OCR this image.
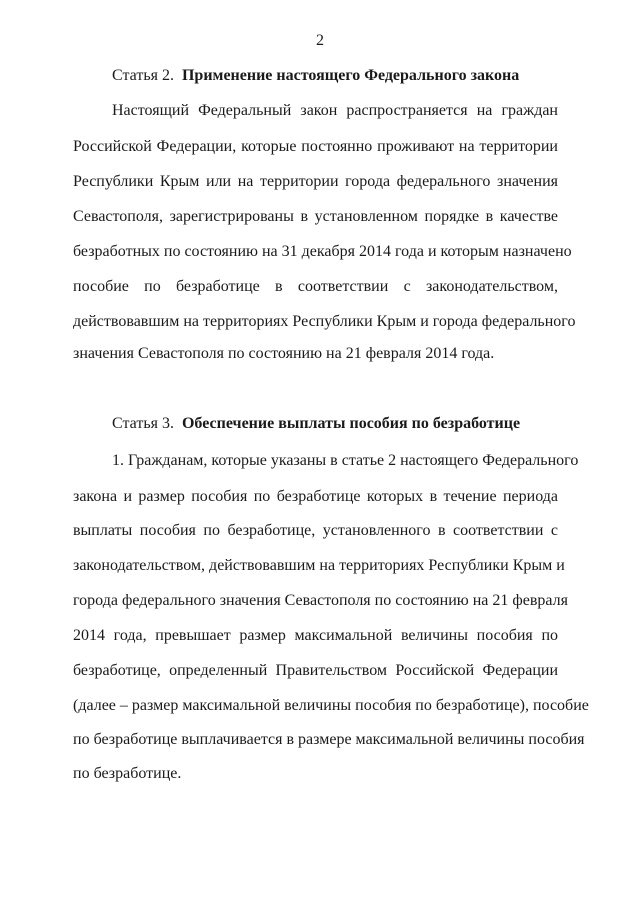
2
Статья 2. Применение настоящего Федерального закона
Настоящий Федеральный закон распространяется на граждан
Российской Федерации, которые постоянно проживают на территории
Республики Крым или на территории города федерального значения
Севастополя, зарегистрированы в установленном порядке в качестве
безработных по состоянию на 31 декабря 2014 года и которым назначено
пособие по безработице в соответствии с законодательством,
действовавшим на территориях Республики Крым и города федерального
значения Севастополя по состоянию на 21 февраля 2014 года.
Статья 3. Обеспечение выплаты пособия по безработице
1. Гражданам, которые указаны в статье 2 настоящего Федерального
закона и размер пособия по безработице которых в течение периода
выплаты пособия по безработице, установленного в соответствии с
законодательством, действовавшим на территориях Республики Крым и
города федерального значения Севастополя по состоянию на 21 февраля
2014 года, превышает размер максимальной величины пособия по
безработице, определенный Правительством Российской Федерации
(далее – размер максимальной величины пособия по безработице), пособие
по безработице выплачивается в размере максимальной величины пособия
по безработице.
